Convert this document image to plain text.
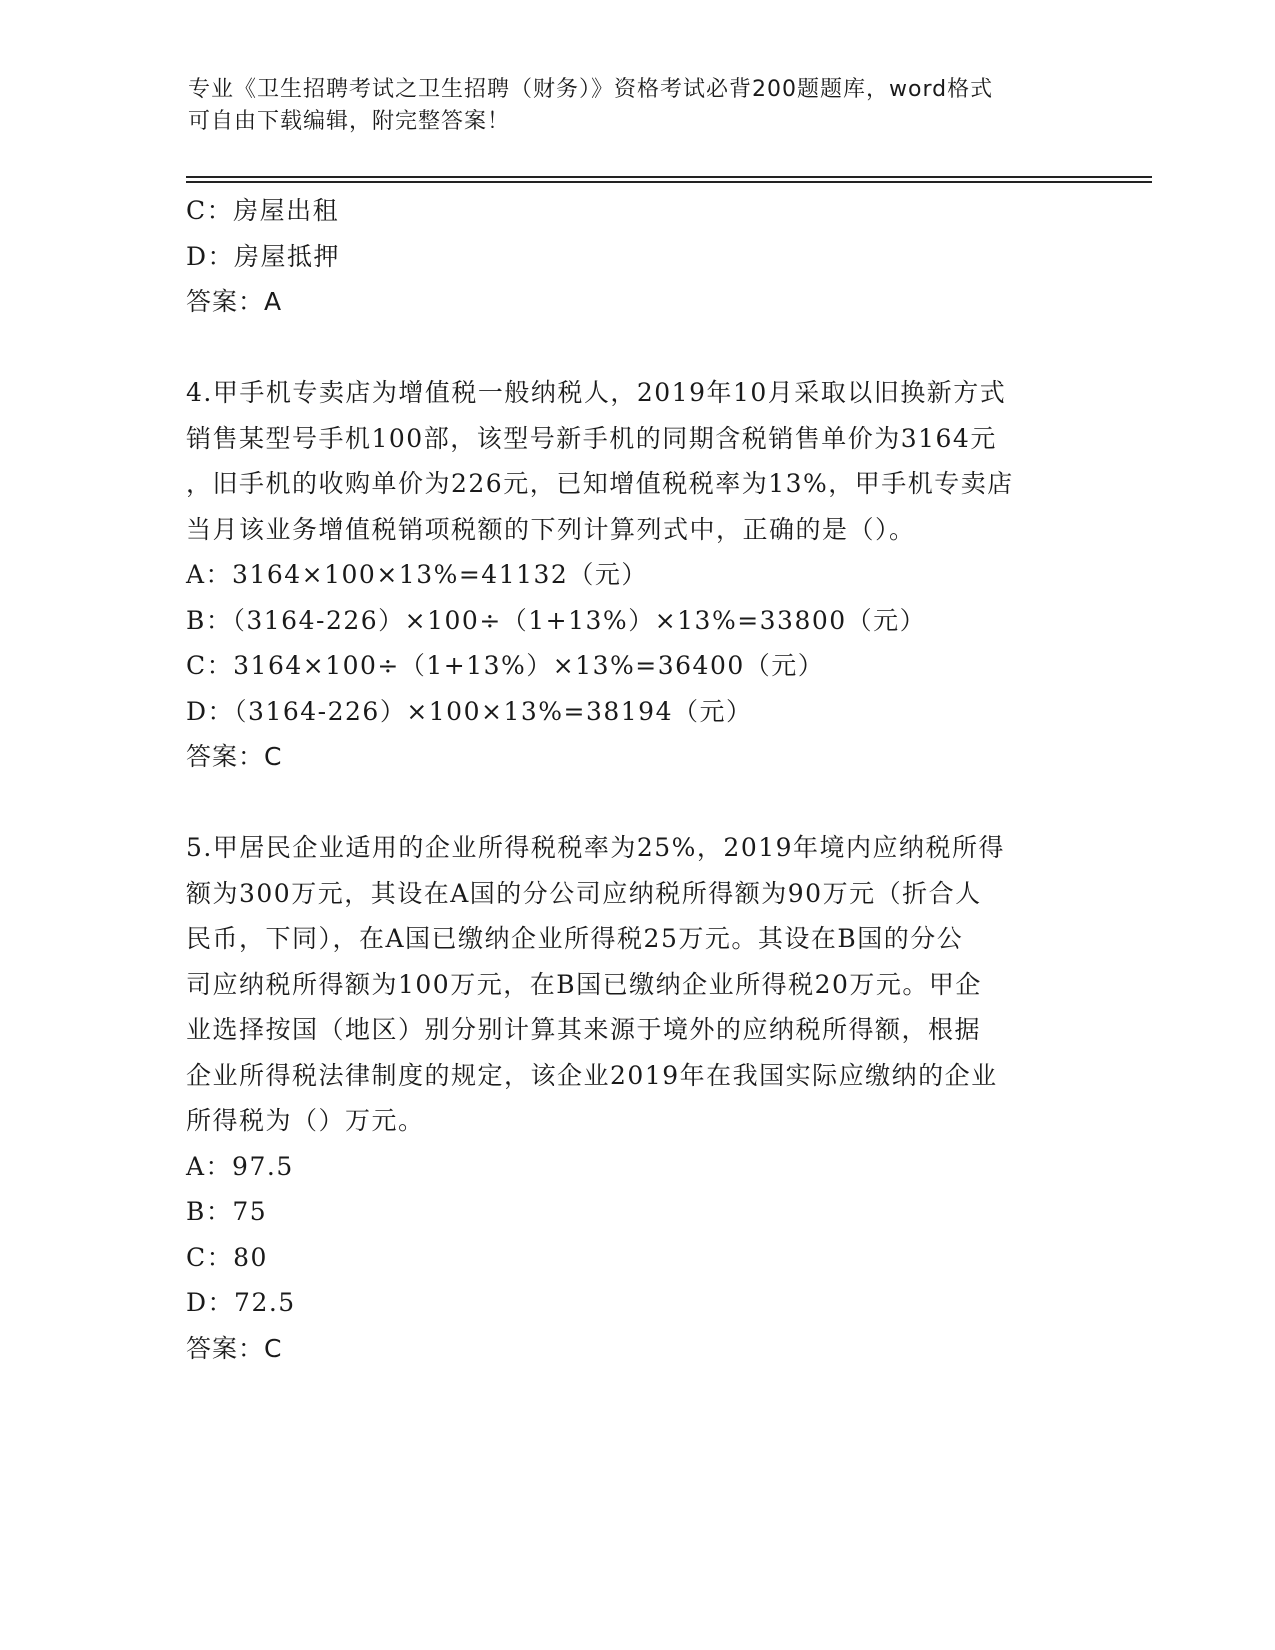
专业《卫生招聘考试之卫生招聘（财务）》资格考试必背200题题库，word格式
可自由下载编辑，附完整答案！
C：房屋出租
D：房屋抵押
答案：A
4.甲手机专卖店为增值税一般纳税人，2019年10月采取以旧换新方式
销售某型号手机100部，该型号新手机的同期含税销售单价为3164元
，旧手机的收购单价为226元，已知增值税税率为13%，甲手机专卖店
当月该业务增值税销项税额的下列计算列式中，正确的是（）。
A：3164×100×13%=41132（元）
B：（3164-226）×100÷（1+13%）×13%=33800（元）
C：3164×100÷（1+13%）×13%=36400（元）
D：（3164-226）×100×13%=38194（元）
答案：C
5.甲居民企业适用的企业所得税税率为25%，2019年境内应纳税所得
额为300万元，其设在A国的分公司应纳税所得额为90万元（折合人
民币，下同），在A国已缴纳企业所得税25万元。其设在B国的分公
司应纳税所得额为100万元，在B国已缴纳企业所得税20万元。甲企
业选择按国（地区）别分别计算其来源于境外的应纳税所得额，根据
企业所得税法律制度的规定，该企业2019年在我国实际应缴纳的企业
所得税为（）万元。
A：97.5
B：75
C：80
D：72.5
答案：C
